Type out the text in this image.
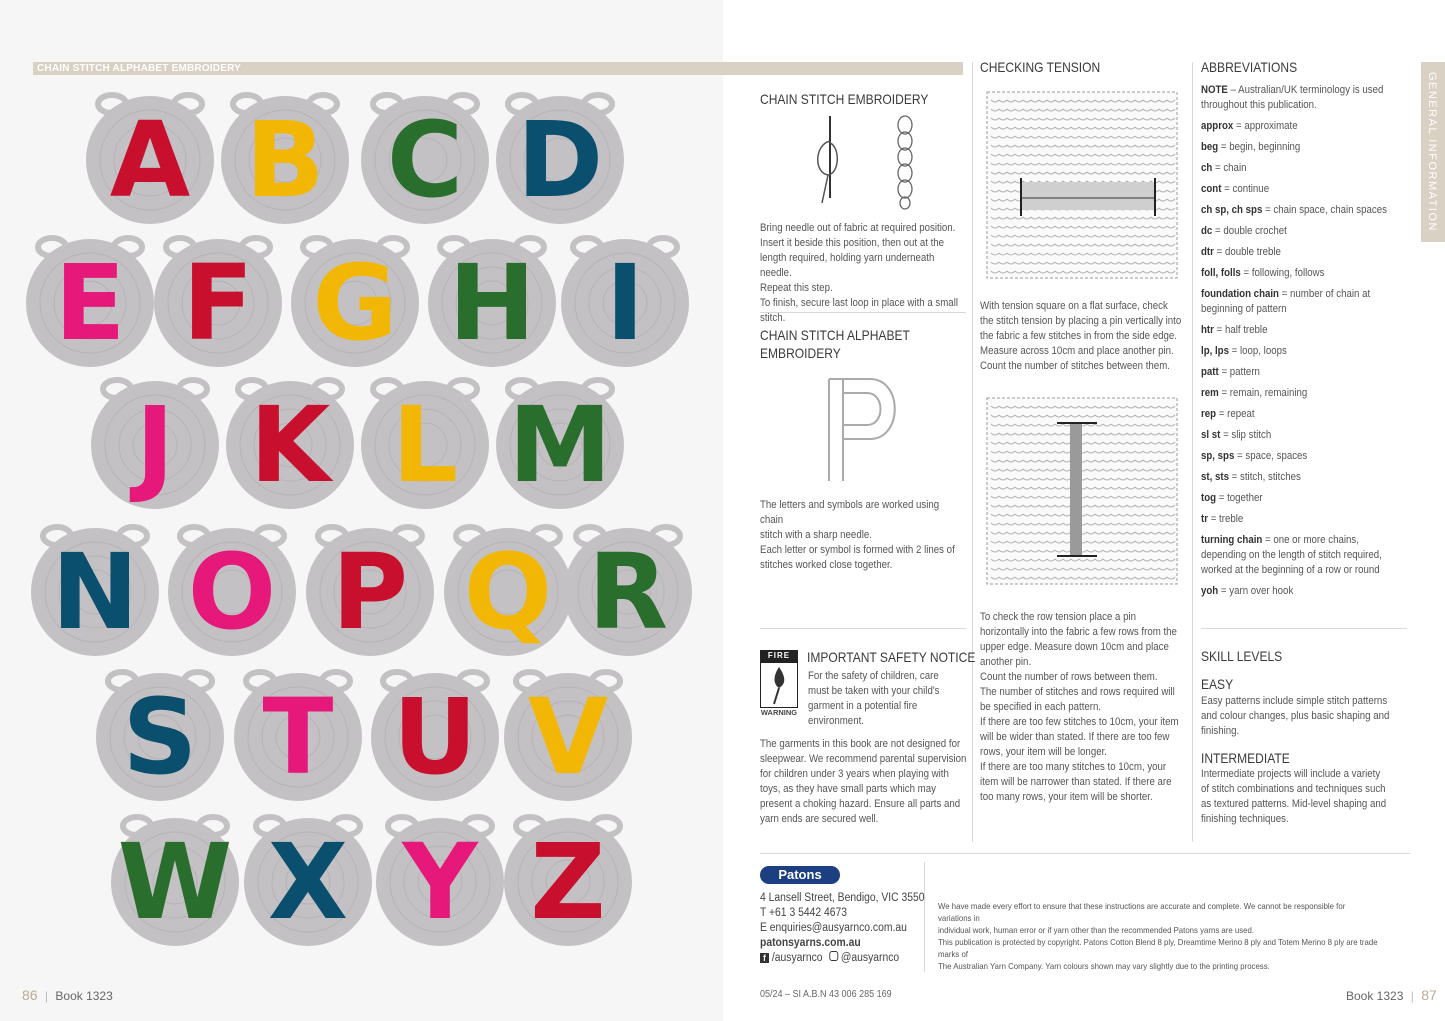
CHAIN STITCH ALPHABET EMBROIDERY
A B C D
E F G H I
J K L M
N O P Q R
S T U V
W X Y Z
CHAIN STITCH EMBROIDERY

Bring needle out of fabric at required position.

Insert it beside this position, then out at the

length required, holding yarn underneath needle.

Repeat this step.

To finish, secure last loop in place with a small stitch.

CHAIN STITCH ALPHABET
EMBROIDERY

The letters and symbols are worked using chain

stitch with a sharp needle.

Each letter or symbol is formed with 2 lines of

stitches worked close together.

FIRE
WARNING
IMPORTANT SAFETY NOTICE

For the safety of children, care

must be taken with your child's

garment in a potential fire

environment.

The garments in this book are not designed for

sleepwear. We recommend parental supervision

for children under 3 years when playing with

toys, as they have small parts which may

present a choking hazard. Ensure all parts and

yarn ends are secured well.

CHECKING TENSION

With tension square on a flat surface, check

the stitch tension by placing a pin vertically into

the fabric a few stitches in from the side edge.

Measure across 10cm and place another pin.

Count the number of stitches between them.

To check the row tension place a pin

horizontally into the fabric a few rows from the

upper edge. Measure down 10cm and place

another pin.

Count the number of rows between them.

The number of stitches and rows required will

be specified in each pattern.

If there are too few stitches to 10cm, your item

will be wider than stated. If there are too few

rows, your item will be longer.

If there are too many stitches to 10cm, your

item will be narrower than stated. If there are

too many rows, your item will be shorter.

ABBREVIATIONS
NOTE – Australian/UK terminology is used throughout this publication.
approx = approximate
beg = begin, beginning
ch = chain
cont = continue
ch sp, ch sps = chain space, chain spaces
dc = double crochet
dtr = double treble
foll, folls = following, follows
foundation chain = number of chain at beginning of pattern
htr = half treble
lp, lps = loop, loops
patt = pattern
rem = remain, remaining
rep = repeat
sl st = slip stitch
sp, sps = space, spaces
st, sts = stitch, stitches
tog = together
tr = treble
turning chain = one or more chains, depending on the length of stitch required, worked at the beginning of a row or round
yoh = yarn over hook
SKILL LEVELS
EASY

Easy patterns include simple stitch patterns

and colour changes, plus basic shaping and

finishing.

INTERMEDIATE

Intermediate projects will include a variety

of stitch combinations and techniques such

as textured patterns. Mid-level shaping and

finishing techniques.

GENERAL INFORMATION
Patons
4 Lansell Street, Bendigo, VIC 3550
T +61 3 5442 4673
E enquiries@ausyarnco.com.au
patonsyarns.com.au
f /ausyarnco @ausyarnco
We have made every effort to ensure that these instructions are accurate and complete. We cannot be responsible for variations in
individual work, human error or if yarn other than the recommended Patons yarns are used.
This publication is protected by copyright. Patons Cotton Blend 8 ply, Dreamtime Merino 8 ply and Totem Merino 8 ply are trade marks of
The Australian Yarn Company. Yarn colours shown may vary slightly due to the printing process.
05/24 – SI A.B.N 43 006 285 169
86 | Book 1323	Book 1323 | 87
